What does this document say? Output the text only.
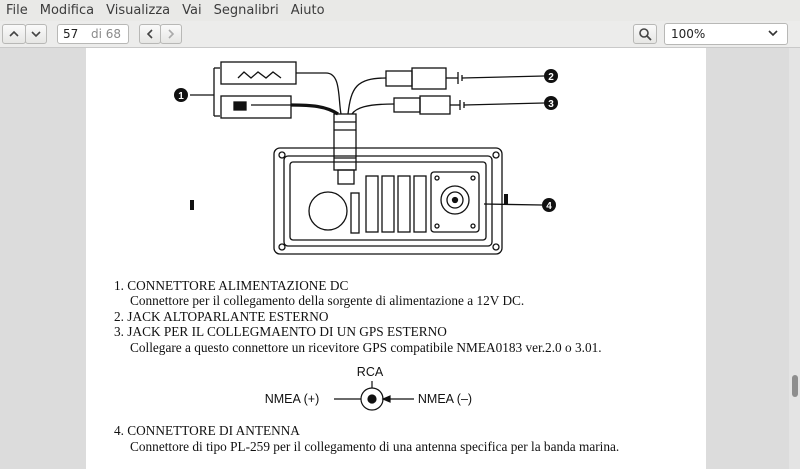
File Modifica Visualizza Vai Segnalibri Aiuto
57	di 68	100%
1
2
3
4
1. CONNETTORE ALIMENTAZIONE DC
Connettore per il collegamento della sorgente di alimentazione a 12V DC.
2. JACK ALTOPARLANTE ESTERNO
3. JACK PER IL COLLEGMAENTO DI UN GPS ESTERNO
Collegare a questo connettore un ricevitore GPS compatibile NMEA0183 ver.2.0 o 3.01.
RCA
NMEA (+)	NMEA (–)
4. CONNETTORE DI ANTENNA
Connettore di tipo PL-259 per il collegamento di una antenna specifica per la banda marina.
